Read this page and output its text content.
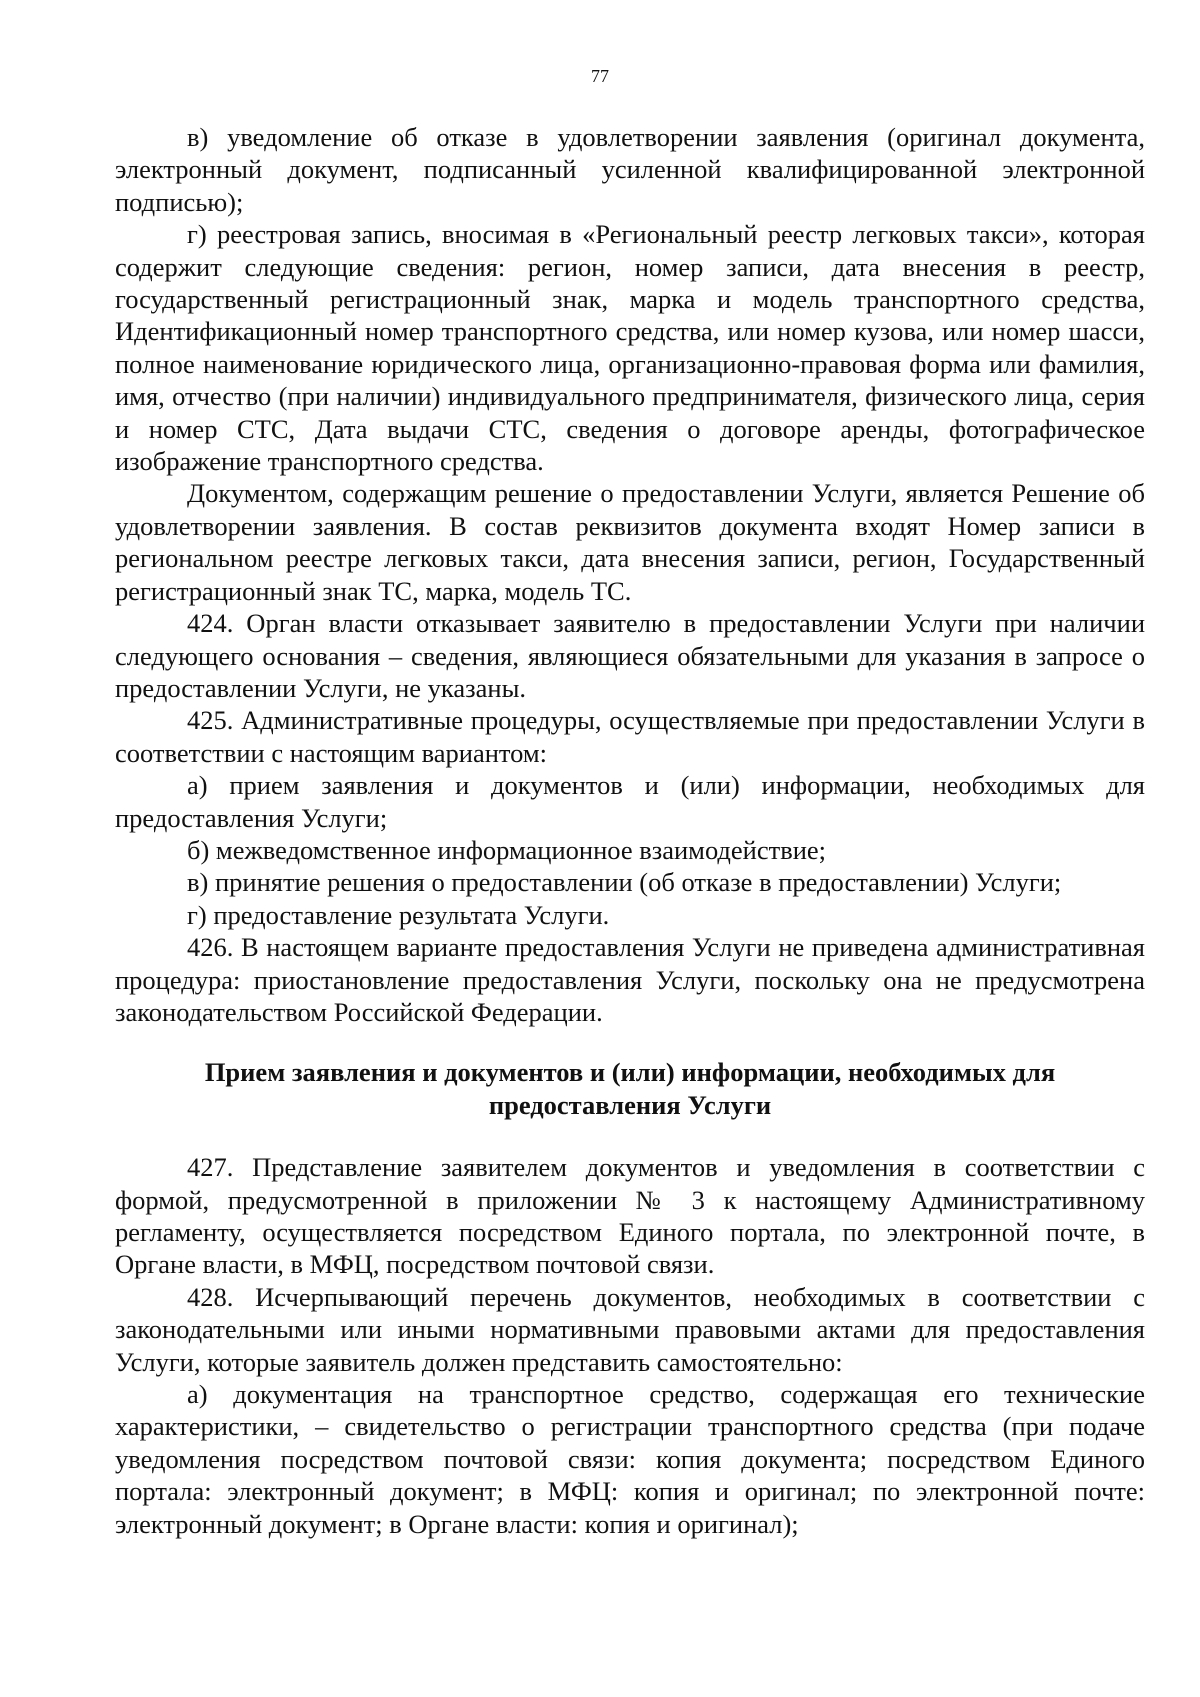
77

в) уведомление об отказе в удовлетворении заявления (оригинал документа, электронный документ, подписанный усиленной квалифицированной электронной подписью);

г) реестровая запись, вносимая в «Региональный реестр легковых такси», которая содержит следующие сведения: регион, номер записи, дата внесения в реестр, государственный регистрационный знак, марка и модель транспортного средства, Идентификационный номер транспортного средства, или номер кузова, или номер шасси, полное наименование юридического лица, организационно-правовая форма или фамилия, имя, отчество (при наличии) индивидуального предпринимателя, физического лица, серия и номер СТС, Дата выдачи СТС, сведения о договоре аренды, фотографическое изображение транспортного средства.

Документом, содержащим решение о предоставлении Услуги, является Решение об удовлетворении заявления. В состав реквизитов документа входят Номер записи в региональном реестре легковых такси, дата внесения записи, регион, Государственный регистрационный знак ТС, марка, модель ТС.

424. Орган власти отказывает заявителю в предоставлении Услуги при наличии следующего основания – сведения, являющиеся обязательными для указания в запросе о предоставлении Услуги, не указаны.

425. Административные процедуры, осуществляемые при предоставлении Услуги в соответствии с настоящим вариантом:

а) прием заявления и документов и (или) информации, необходимых для предоставления Услуги;

б) межведомственное информационное взаимодействие;

в) принятие решения о предоставлении (об отказе в предоставлении) Услуги;

г) предоставление результата Услуги.

426. В настоящем варианте предоставления Услуги не приведена административная процедура: приостановление предоставления Услуги, поскольку она не предусмотрена законодательством Российской Федерации.

Прием заявления и документов и (или) информации, необходимых для предоставления Услуги

427. Представление заявителем документов и уведомления в соответствии с формой, предусмотренной в приложении № 3 к настоящему Административному регламенту, осуществляется посредством Единого портала, по электронной почте, в Органе власти, в МФЦ, посредством почтовой связи.

428. Исчерпывающий перечень документов, необходимых в соответствии с законодательными или иными нормативными правовыми актами для предоставления Услуги, которые заявитель должен представить самостоятельно:

а) документация на транспортное средство, содержащая его технические характеристики, – свидетельство о регистрации транспортного средства (при подаче уведомления посредством почтовой связи: копия документа; посредством Единого портала: электронный документ; в МФЦ: копия и оригинал; по электронной почте: электронный документ; в Органе власти: копия и оригинал);
